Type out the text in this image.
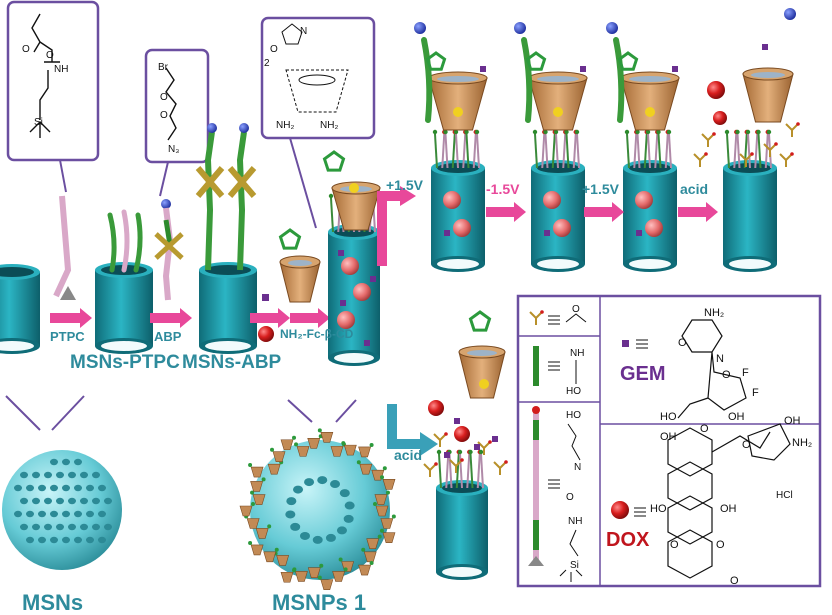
O
NH
O
Si
Br
O
O
N₃
O
2
N
NH₂	NH₂
PTPC	ABP	NH₂-Fc-β-CD
+1.5V	-1.5V	+1.5V	acid
acid
O
NH
HO
HO
N
O
NH
Si
GEM
NH₂
O
N
F
F
O
HO	OH
DOX
OH
O
O	NH₂
OH
HO	OH
O	O
O
HCl
MSNs-PTPC MSNs-ABP
MSNs	MSNPs 1
